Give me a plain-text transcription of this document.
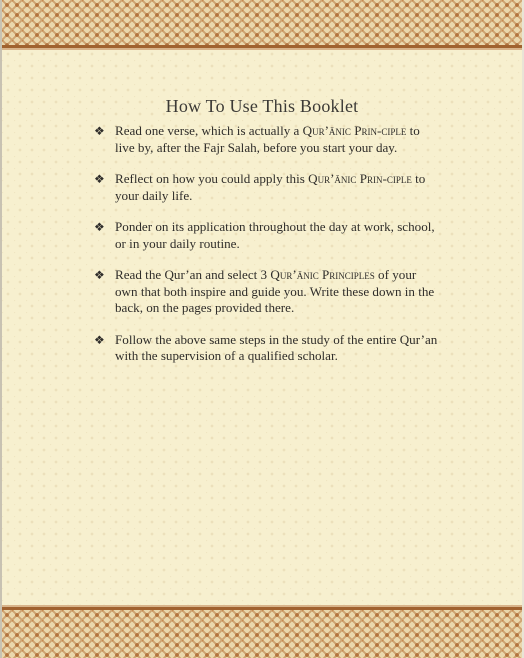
How To Use This Booklet
❖ Read one verse, which is actually a Qur’ānic Prin-ciple to live by, after the Fajr Salah, before you start your day.
❖ Reflect on how you could apply this Qur’ānic Prin-ciple to your daily life.
❖ Ponder on its application throughout the day at work, school, or in your daily routine.
❖ Read the Qur’an and select 3 Qur’ānic Principles of your own that both inspire and guide you. Write these down in the back, on the pages provided there.
❖ Follow the above same steps in the study of the entire Qur’an with the supervision of a qualified scholar.
